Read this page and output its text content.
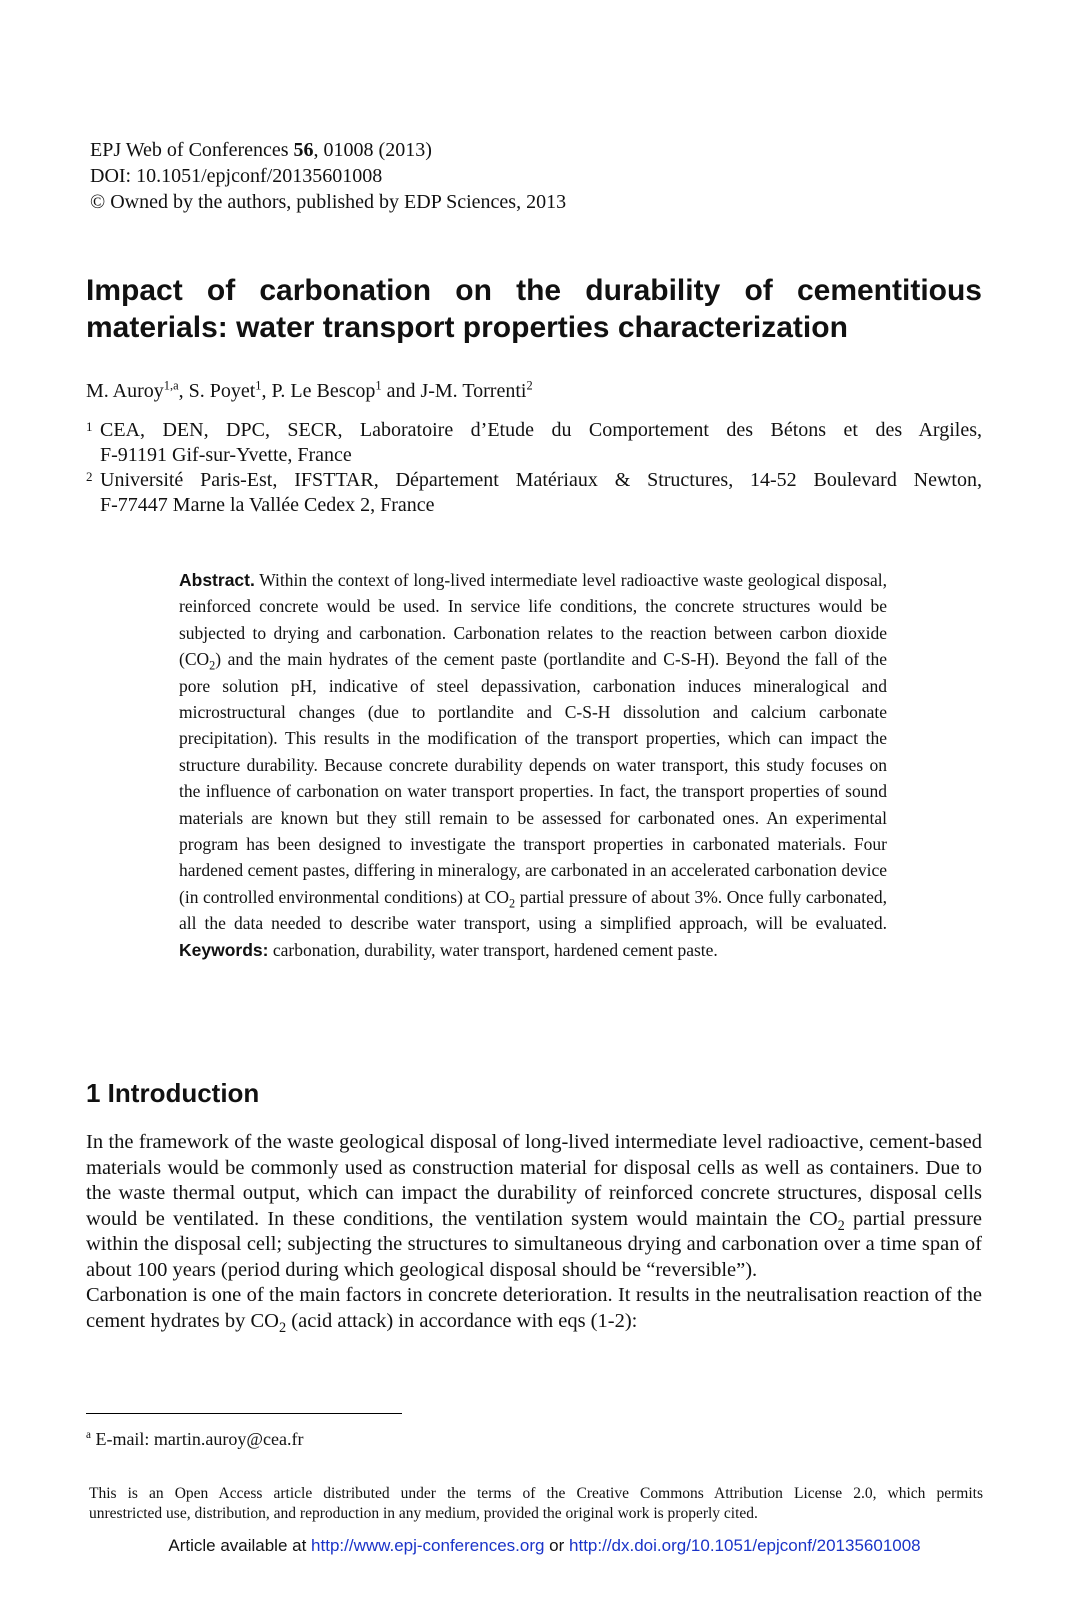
EPJ Web of Conferences 56, 01008 (2013)
DOI: 10.1051/epjconf/20135601008
© Owned by the authors, published by EDP Sciences, 2013
Impact of carbonation on the durability of cementitious
materials: water transport properties characterization
M. Auroy$^{1,a}$, S. Poyet$^1$, P. Le Bescop$^1$ and J-M. Torrenti$^2$
1 CEA, DEN, DPC, SECR, Laboratoire d’Etude du Comportement des Bétons et des Argiles,
F-91191 Gif-sur-Yvette, France
2 Université Paris-Est, IFSTTAR, Département Matériaux & Structures, 14-52 Boulevard Newton,
F-77447 Marne la Vallée Cedex 2, France
Abstract. Within the context of long-lived intermediate level radioactive waste geological disposal, reinforced concrete would be used. In service life conditions, the concrete structures would be subjected to drying and carbonation. Carbonation relates to the reaction between carbon dioxide $(CO_2)$ and the main hydrates of the cement paste (portlandite and C-S-H). Beyond the fall of the pore solution pH, indicative of steel depassivation, carbonation induces mineralogical and microstructural changes (due to portlandite and C-S-H dissolution and calcium carbonate precipitation). This results in the modification of the transport properties, which can impact the structure durability. Because concrete durability depends on water transport, this study focuses on the influence of carbonation on water transport properties. In fact, the transport properties of sound materials are known but they still remain to be assessed for carbonated ones. An experimental program has been designed to investigate the transport properties in carbonated materials. Four hardened cement pastes, differing in mineralogy, are carbonated in an accelerated carbonation device (in controlled environmental conditions) at $CO_2$ partial pressure of about 3%. Once fully carbonated, all the data needed to describe water transport, using a simplified approach, will be evaluated. Keywords: carbonation, durability, water transport, hardened cement paste.
1 Introduction

In the framework of the waste geological disposal of long-lived intermediate level radioactive, cement-based materials would be commonly used as construction material for disposal cells as well as containers. Due to the waste thermal output, which can impact the durability of reinforced concrete structures, disposal cells would be ventilated. In these conditions, the ventilation system would maintain the $CO_2$ partial pressure within the disposal cell; subjecting the structures to simultaneous drying and carbonation over a time span of about 100 years (period during which geological disposal should be “reversible”).

Carbonation is one of the main factors in concrete deterioration. It results in the neutralisation reaction of the cement hydrates by $CO_2$ (acid attack) in accordance with eqs (1-2):

$^a$ E-mail: martin.auroy@cea.fr
This is an Open Access article distributed under the terms of the Creative Commons Attribution License 2.0, which permits
unrestricted use, distribution, and reproduction in any medium, provided the original work is properly cited.
Article available at http://www.epj-conferences.org or http://dx.doi.org/10.1051/epjconf/20135601008
